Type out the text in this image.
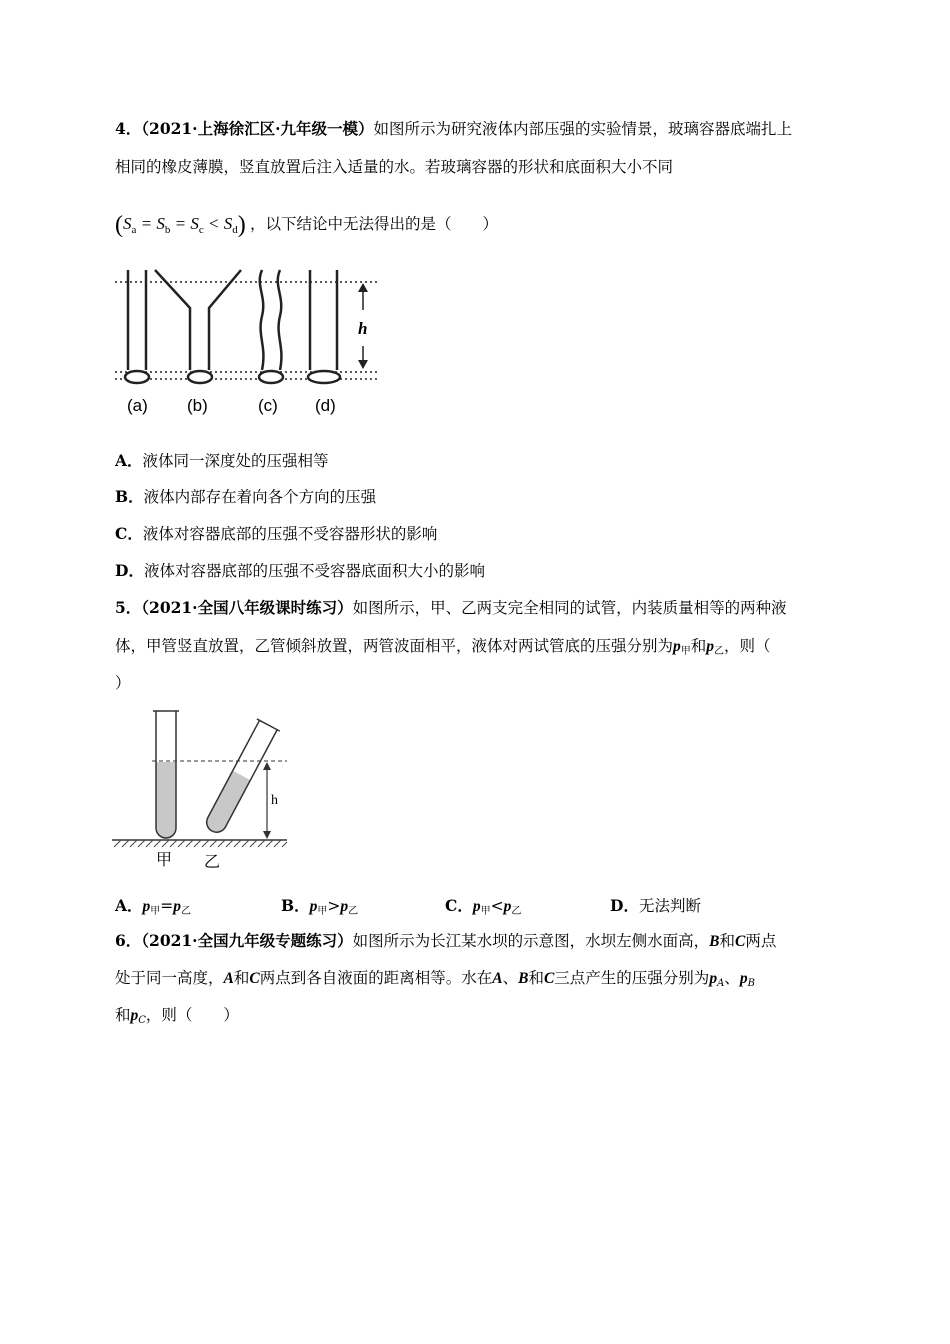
4．（2021·上海徐汇区·九年级一模）如图所示为研究液体内部压强的实验情景，玻璃容器底端扎上
相同的橡皮薄膜，竖直放置后注入适量的水。若玻璃容器的形状和底面积大小不同
$(S_a = S_b = S_c < S_d)$ ，以下结论中无法得出的是（　　）
h
(a) (b)	(c) (d)
A．液体同一深度处的压强相等
B．液体内部存在着向各个方向的压强
C．液体对容器底部的压强不受容器形状的影响
D．液体对容器底部的压强不受容器底面积大小的影响
5．（2021·全国八年级课时练习）如图所示，甲、乙两支完全相同的试管，内装质量相等的两种液
体，甲管竖直放置，乙管倾斜放置，两管波面相平，液体对两试管底的压强分别为$p_甲$和$p_乙$，则（
）
h
甲 乙
A．$p_甲=p_乙$	B．$p_甲>p_乙$	C．$p_甲<p_乙$	D．无法判断
6．（2021·全国九年级专题练习）如图所示为长江某水坝的示意图，水坝左侧水面高，B和C两点
处于同一高度，A和C两点到各自液面的距离相等。水在A、B和C三点产生的压强分别为$p_A$、$p_B$
和$p_C$，则（　　）
